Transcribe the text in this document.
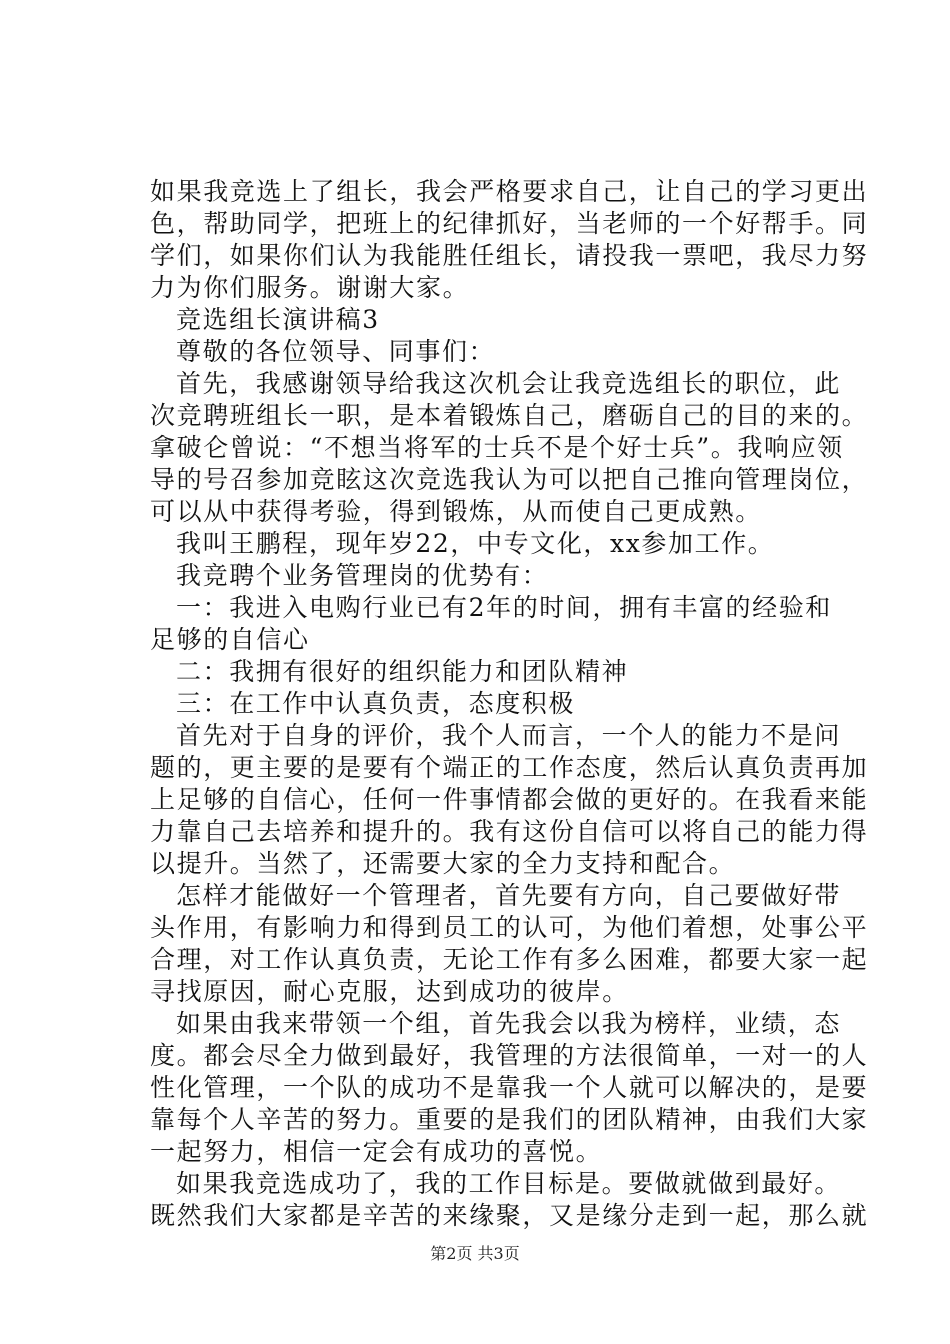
如果我竞选上了组长，我会严格要求自己，让自己的学习更出
色，帮助同学，把班上的纪律抓好，当老师的一个好帮手。同
学们，如果你们认为我能胜任组长，请投我一票吧，我尽力努
力为你们服务。谢谢大家。
竞选组长演讲稿3
尊敬的各位领导、同事们：
首先，我感谢领导给我这次机会让我竞选组长的职位，此
次竞聘班组长一职，是本着锻炼自己，磨砺自己的目的来的。
拿破仑曾说：“不想当将军的士兵不是个好士兵”。我响应领
导的号召参加竞眩这次竞选我认为可以把自己推向管理岗位，
可以从中获得考验，得到锻炼，从而使自己更成熟。
我叫王鹏程，现年岁22，中专文化，xx参加工作。
我竞聘个业务管理岗的优势有：
一：我进入电购行业已有2年的时间，拥有丰富的经验和
足够的自信心
二：我拥有很好的组织能力和团队精神
三：在工作中认真负责，态度积极
首先对于自身的评价，我个人而言，一个人的能力不是问
题的，更主要的是要有个端正的工作态度，然后认真负责再加
上足够的自信心，任何一件事情都会做的更好的。在我看来能
力靠自己去培养和提升的。我有这份自信可以将自己的能力得
以提升。当然了，还需要大家的全力支持和配合。
怎样才能做好一个管理者，首先要有方向，自己要做好带
头作用，有影响力和得到员工的认可，为他们着想，处事公平
合理，对工作认真负责，无论工作有多么困难，都要大家一起
寻找原因，耐心克服，达到成功的彼岸。
如果由我来带领一个组，首先我会以我为榜样，业绩，态
度。都会尽全力做到最好，我管理的方法很简单，一对一的人
性化管理，一个队的成功不是靠我一个人就可以解决的，是要
靠每个人辛苦的努力。重要的是我们的团队精神，由我们大家
一起努力，相信一定会有成功的喜悦。
如果我竞选成功了，我的工作目标是。要做就做到最好。
既然我们大家都是辛苦的来缘聚，又是缘分走到一起，那么就
第2页 共3页
